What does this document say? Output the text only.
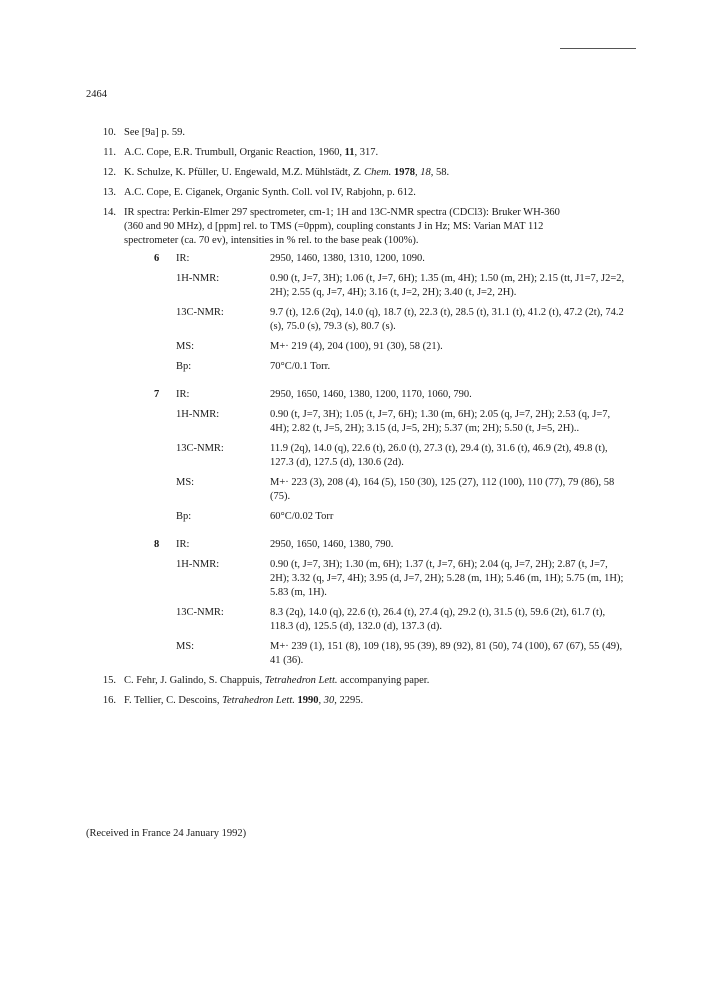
2464
10. See [9a] p. 59.
11. A.C. Cope, E.R. Trumbull, Organic Reaction, 1960, 11, 317.
12. K. Schulze, K. Pfüller, U. Engewald, M.Z. Mühlstädt, Z. Chem. 1978, 18, 58.
13. A.C. Cope, E. Ciganek, Organic Synth. Coll. vol IV, Rabjohn, p. 612.
14. IR spectra: Perkin-Elmer 297 spectrometer, cm-1; 1H and 13C-NMR spectra (CDCl3): Bruker WH-360
(360 and 90 MHz), d [ppm] rel. to TMS (=0ppm), coupling constants J in Hz; MS: Varian MAT 112
spectrometer (ca. 70 ev), intensities in % rel. to the base peak (100%).
6 IR:	2950, 1460, 1380, 1310, 1200, 1090.
1H-NMR:	0.90 (t, J=7, 3H); 1.06 (t, J=7, 6H); 1.35 (m, 4H); 1.50 (m, 2H); 2.15 (tt, J1=7, J2=2,
2H); 2.55 (q, J=7, 4H); 3.16 (t, J=2, 2H); 3.40 (t, J=2, 2H).
13C-NMR:	9.7 (t), 12.6 (2q), 14.0 (q), 18.7 (t), 22.3 (t), 28.5 (t), 31.1 (t), 41.2 (t), 47.2 (2t), 74.2
(s), 75.0 (s), 79.3 (s), 80.7 (s).
MS:	M+· 219 (4), 204 (100), 91 (30), 58 (21).
Bp:	70°C/0.1 Torr.
7 IR:	2950, 1650, 1460, 1380, 1200, 1170, 1060, 790.
1H-NMR:	0.90 (t, J=7, 3H); 1.05 (t, J=7, 6H); 1.30 (m, 6H); 2.05 (q, J=7, 2H); 2.53 (q, J=7,
4H); 2.82 (t, J=5, 2H); 3.15 (d, J=5, 2H); 5.37 (m; 2H); 5.50 (t, J=5, 2H)..
13C-NMR:	11.9 (2q), 14.0 (q), 22.6 (t), 26.0 (t), 27.3 (t), 29.4 (t), 31.6 (t), 46.9 (2t), 49.8 (t),
127.3 (d), 127.5 (d), 130.6 (2d).
MS:	M+· 223 (3), 208 (4), 164 (5), 150 (30), 125 (27), 112 (100), 110 (77), 79 (86), 58
(75).
Bp:	60°C/0.02 Torr
8 IR:	2950, 1650, 1460, 1380, 790.
1H-NMR:	0.90 (t, J=7, 3H); 1.30 (m, 6H); 1.37 (t, J=7, 6H); 2.04 (q, J=7, 2H); 2.87 (t, J=7,
2H); 3.32 (q, J=7, 4H); 3.95 (d, J=7, 2H); 5.28 (m, 1H); 5.46 (m, 1H); 5.75 (m, 1H);
5.83 (m, 1H).
13C-NMR:	8.3 (2q), 14.0 (q), 22.6 (t), 26.4 (t), 27.4 (q), 29.2 (t), 31.5 (t), 59.6 (2t), 61.7 (t),
118.3 (d), 125.5 (d), 132.0 (d), 137.3 (d).
MS:	M+· 239 (1), 151 (8), 109 (18), 95 (39), 89 (92), 81 (50), 74 (100), 67 (67), 55 (49),
41 (36).
15. C. Fehr, J. Galindo, S. Chappuis, Tetrahedron Lett. accompanying paper.
16. F. Tellier, C. Descoins, Tetrahedron Lett. 1990, 30, 2295.
(Received in France 24 January 1992)
